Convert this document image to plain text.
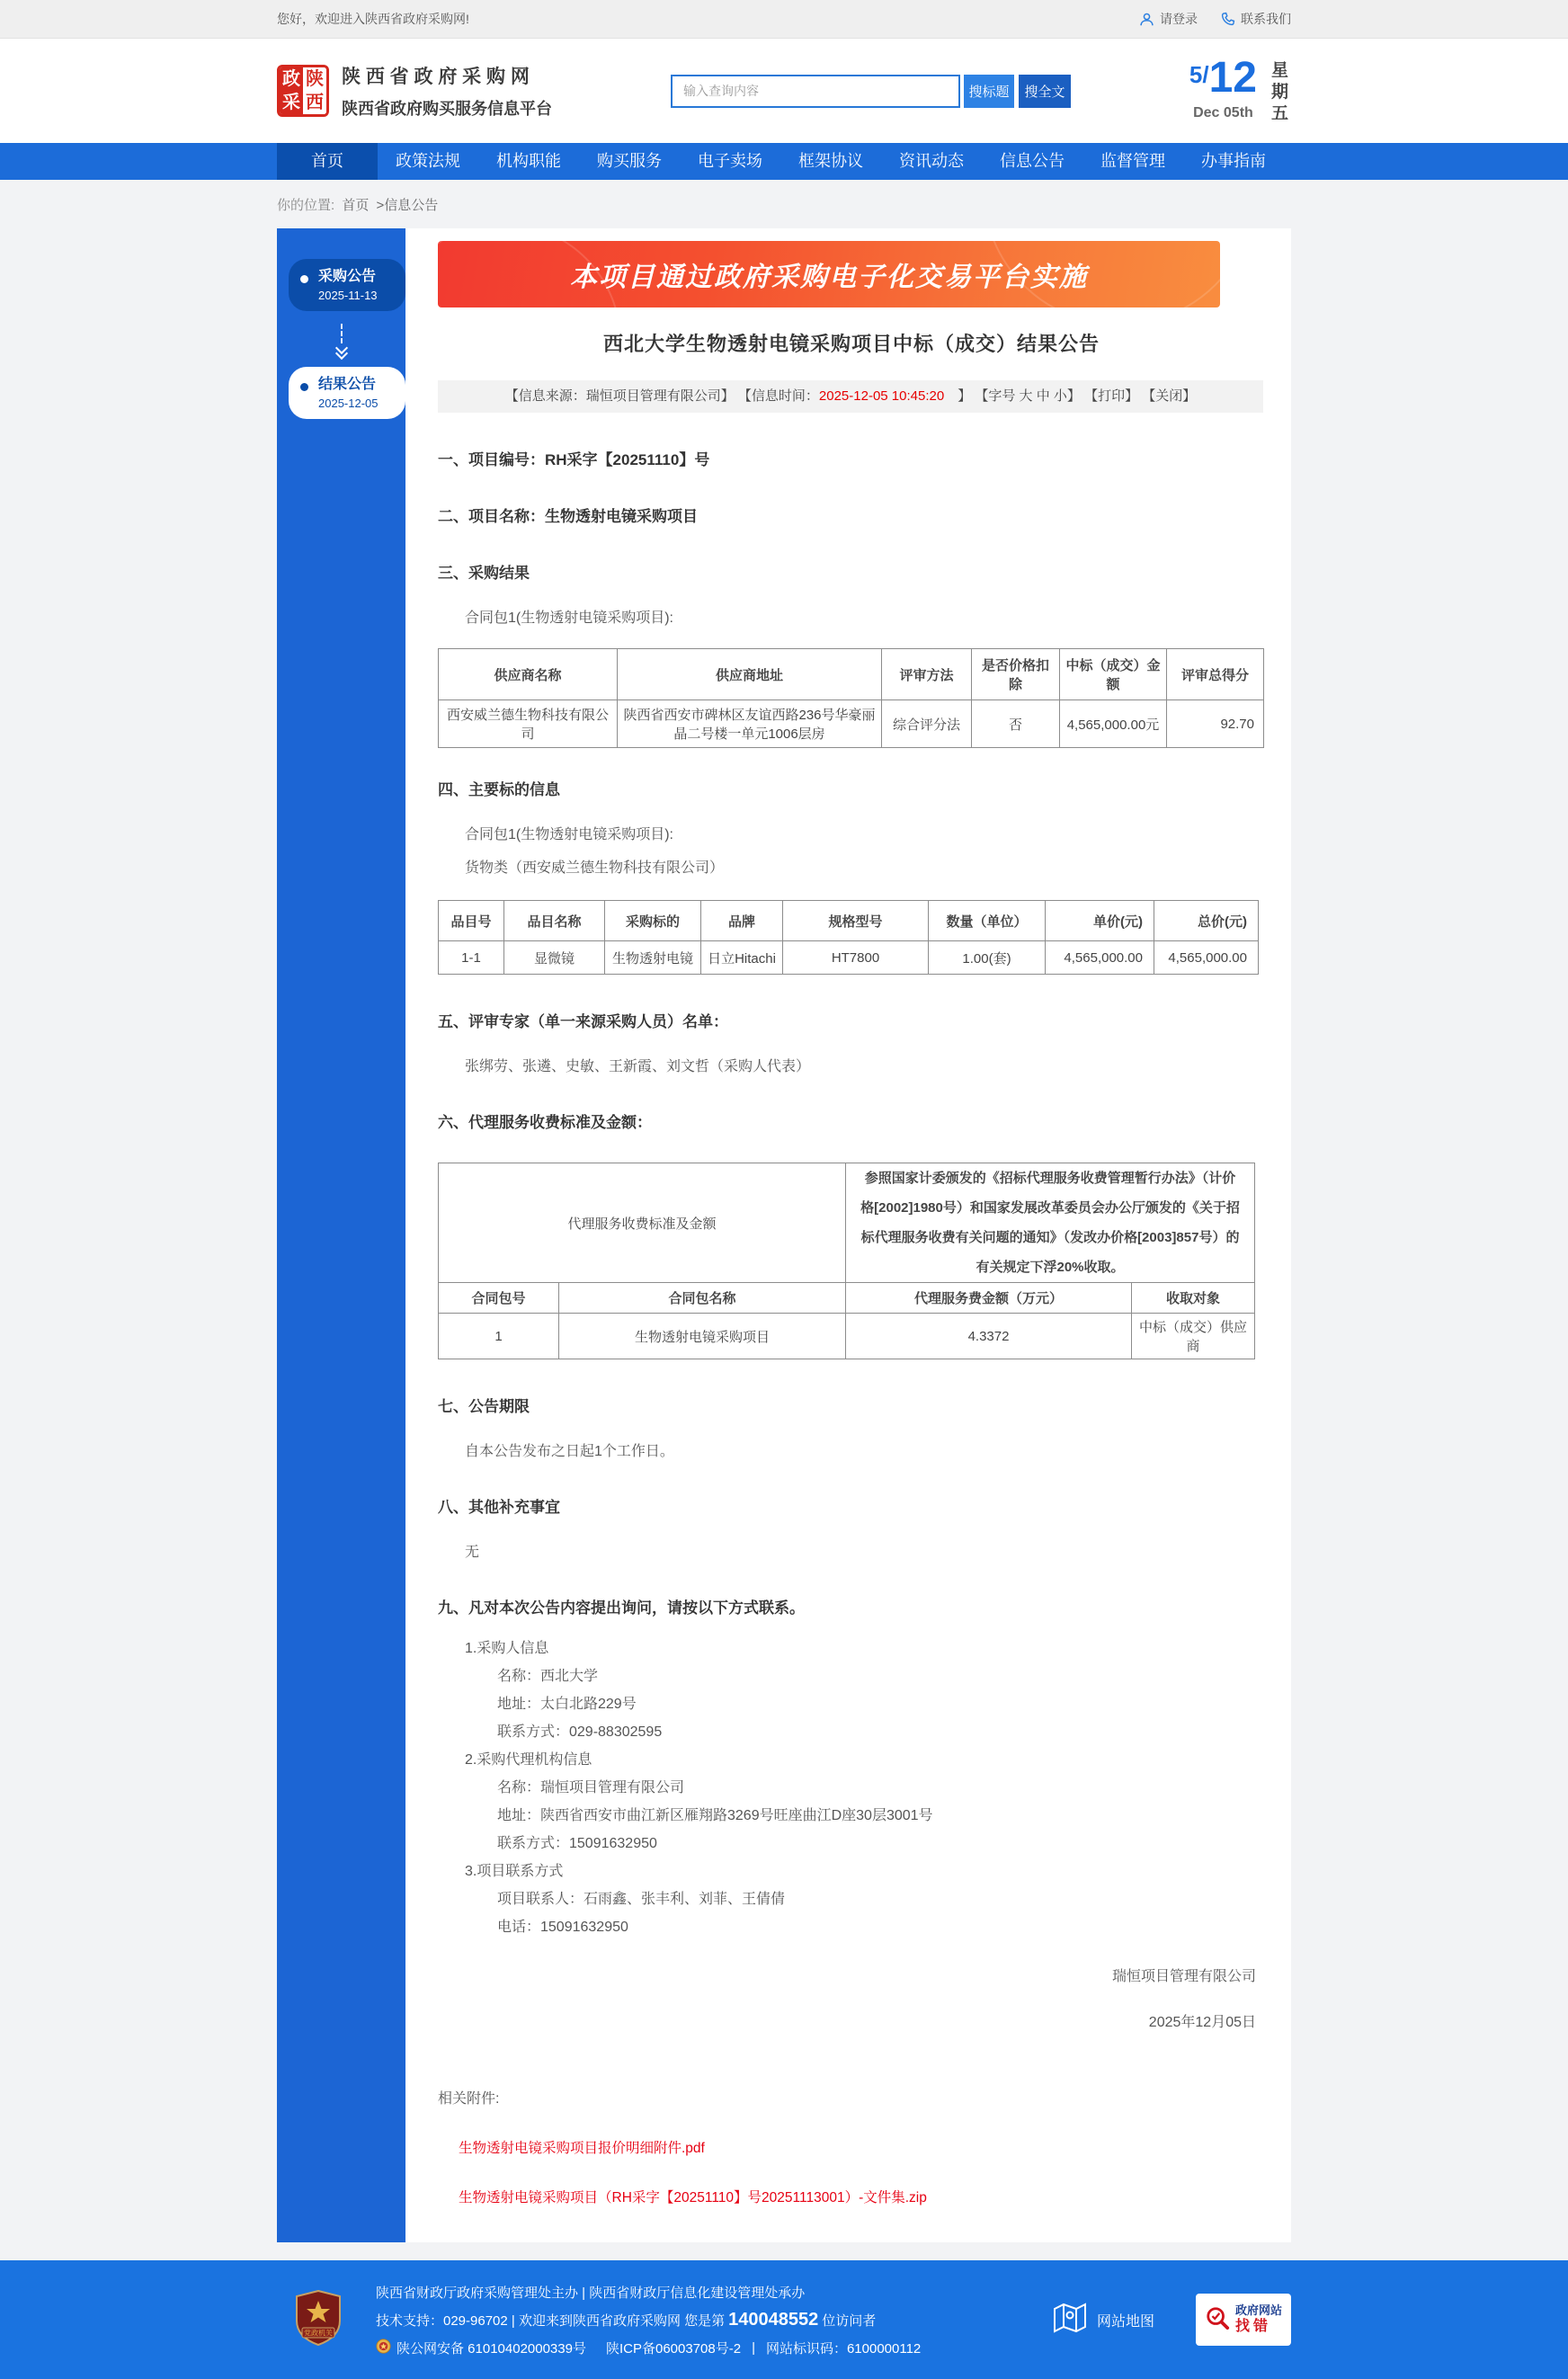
您好，欢迎进入陕西省政府采购网!	请登录	联系我们
政 陕
采 西
陕 西 省 政 府 采 购 网
陕西省政府购买服务信息平台
输入查询内容
搜标题	搜全文
5/12
Dec 05th
星期五
首页	政策法规	机构职能	购买服务	电子卖场	框架协议	资讯动态	信息公告	监督管理	办事指南
你的位置: 首页 >信息公告
采购公告
2025-11-13
结果公告
2025-12-05
本项目通过政府采购电子化交易平台实施
西北大学生物透射电镜采购项目中标（成交）结果公告
【信息来源：瑞恒项目管理有限公司】 【信息时间：2025-12-05 10:45:20　】 【字号 大 中 小】 【打印】 【关闭】
一、项目编号：RH采字【20251110】号
二、项目名称：生物透射电镜采购项目
三、采购结果
合同包1(生物透射电镜采购项目):
供应商名称	供应商地址	评审方法	是否价格扣除	中标（成交）金额	评审总得分
西安威兰德生物科技有限公司	陕西省西安市碑林区友谊西路236号华豪丽晶二号楼一单元1006层房	综合评分法	否	4,565,000.00元	92.70
四、主要标的信息
合同包1(生物透射电镜采购项目):
货物类（西安威兰德生物科技有限公司）
品目号	品目名称	采购标的	品牌	规格型号	数量（单位）	单价(元)	总价(元)
1-1	显微镜	生物透射电镜	日立Hitachi	HT7800	1.00(套)	4,565,000.00	4,565,000.00
五、评审专家（单一来源采购人员）名单：
张绑劳、张遴、史敏、王新霞、刘文哲（采购人代表）
六、代理服务收费标准及金额：
代理服务收费标准及金额		参照国家计委颁发的《招标代理服务收费管理暂行办法》（计价格[2002]1980号）和国家发展改革委员会办公厅颁发的《关于招标代理服务收费有关问题的通知》（发改办价格[2003]857号）的有关规定下浮20%收取。	
合同包号	合同包名称	代理服务费金额（万元）	收取对象
1	生物透射电镜采购项目	4.3372	中标（成交）供应商
七、公告期限
自本公告发布之日起1个工作日。
八、其他补充事宜
无
九、凡对本次公告内容提出询问，请按以下方式联系。

1.采购人信息

名称：西北大学

地址：太白北路229号

联系方式：029-88302595

2.采购代理机构信息

名称：瑞恒项目管理有限公司

地址：陕西省西安市曲江新区雁翔路3269号旺座曲江D座30层3001号

联系方式：15091632950

3.项目联系方式

项目联系人：石雨鑫、张丰利、刘菲、王倩倩

电话：15091632950

瑞恒项目管理有限公司
2025年12月05日
相关附件:
生物透射电镜采购项目报价明细附件.pdf
生物透射电镜采购项目（RH采字【20251110】号20251113001）-文件集.zip
党政机关
陕西省财政厅政府采购管理处主办 | 陕西省财政厅信息化建设管理处承办
技术支持：029-96702 | 欢迎来到陕西省政府采购网 您是第 140048552 位访问者
陕公网安备 61010402000339号 陕ICP备06003708号-2 | 网站标识码：6100000112
网站地图
政府网站
找错
